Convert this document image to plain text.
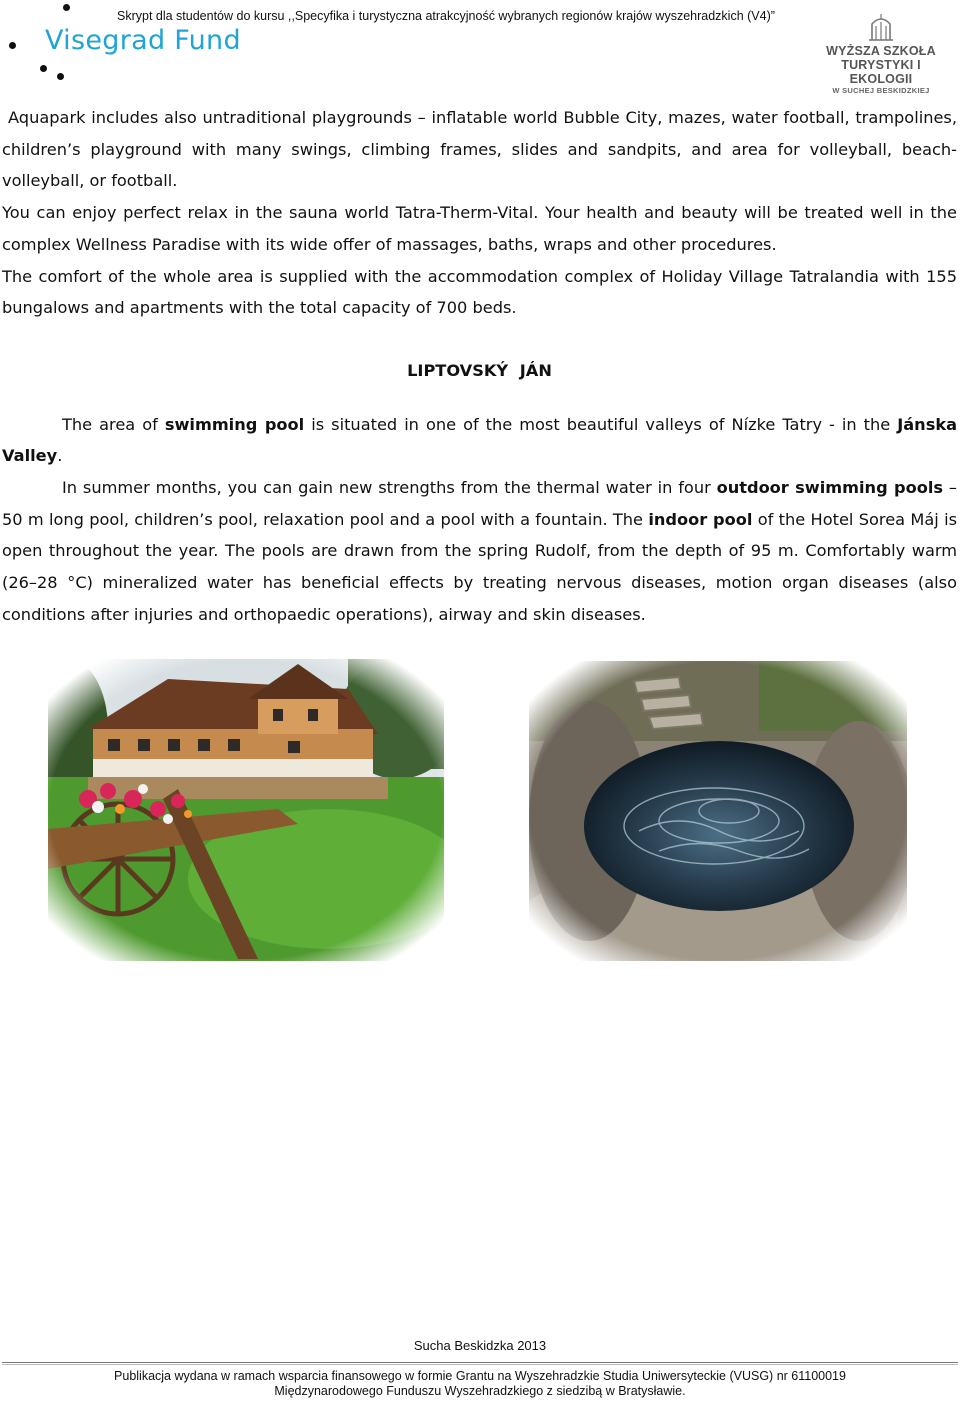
Visegrad Fund
Skrypt dla studentów do kursu ,,Specyfika i turystyczna atrakcyjność wybranych regionów krajów wyszehradzkich (V4)”
WYŻSZA SZKOŁA
TURYSTYKI I EKOLOGII
W SUCHEJ BESKIDZKIEJ

Aquapark includes also untraditional playgrounds – inflatable world Bubble City, mazes, water football, trampolines, children’s playground with many swings, climbing frames, slides and sandpits, and area for volleyball, beach-volleyball, or football.

You can enjoy perfect relax in the sauna world Tatra-Therm-Vital. Your health and beauty will be treated well in the complex Wellness Paradise with its wide offer of massages, baths, wraps and other procedures.

The comfort of the whole area is supplied with the accommodation complex of Holiday Village Tatralandia with 155 bungalows and apartments with the total capacity of 700 beds.

LIPTOVSKÝ JÁN

The area of swimming pool is situated in one of the most beautiful valleys of Nízke Tatry - in the Jánska Valley.

In summer months, you can gain new strengths from the thermal water in four outdoor swimming pools – 50 m long pool, children’s pool, relaxation pool and a pool with a fountain. The indoor pool of the Hotel Sorea Máj is open throughout the year. The pools are drawn from the spring Rudolf, from the depth of 95 m. Comfortably warm (26–28 °C) mineralized water has beneficial effects by treating nervous diseases, motion organ diseases (also conditions after injuries and orthopaedic operations), airway and skin diseases.

Sucha Beskidzka 2013
Publikacja wydana w ramach wsparcia finansowego w formie Grantu na Wyszehradzkie Studia Uniwersyteckie (VUSG) nr 61100019
Międzynarodowego Funduszu Wyszehradzkiego z siedzibą w Bratysławie.
